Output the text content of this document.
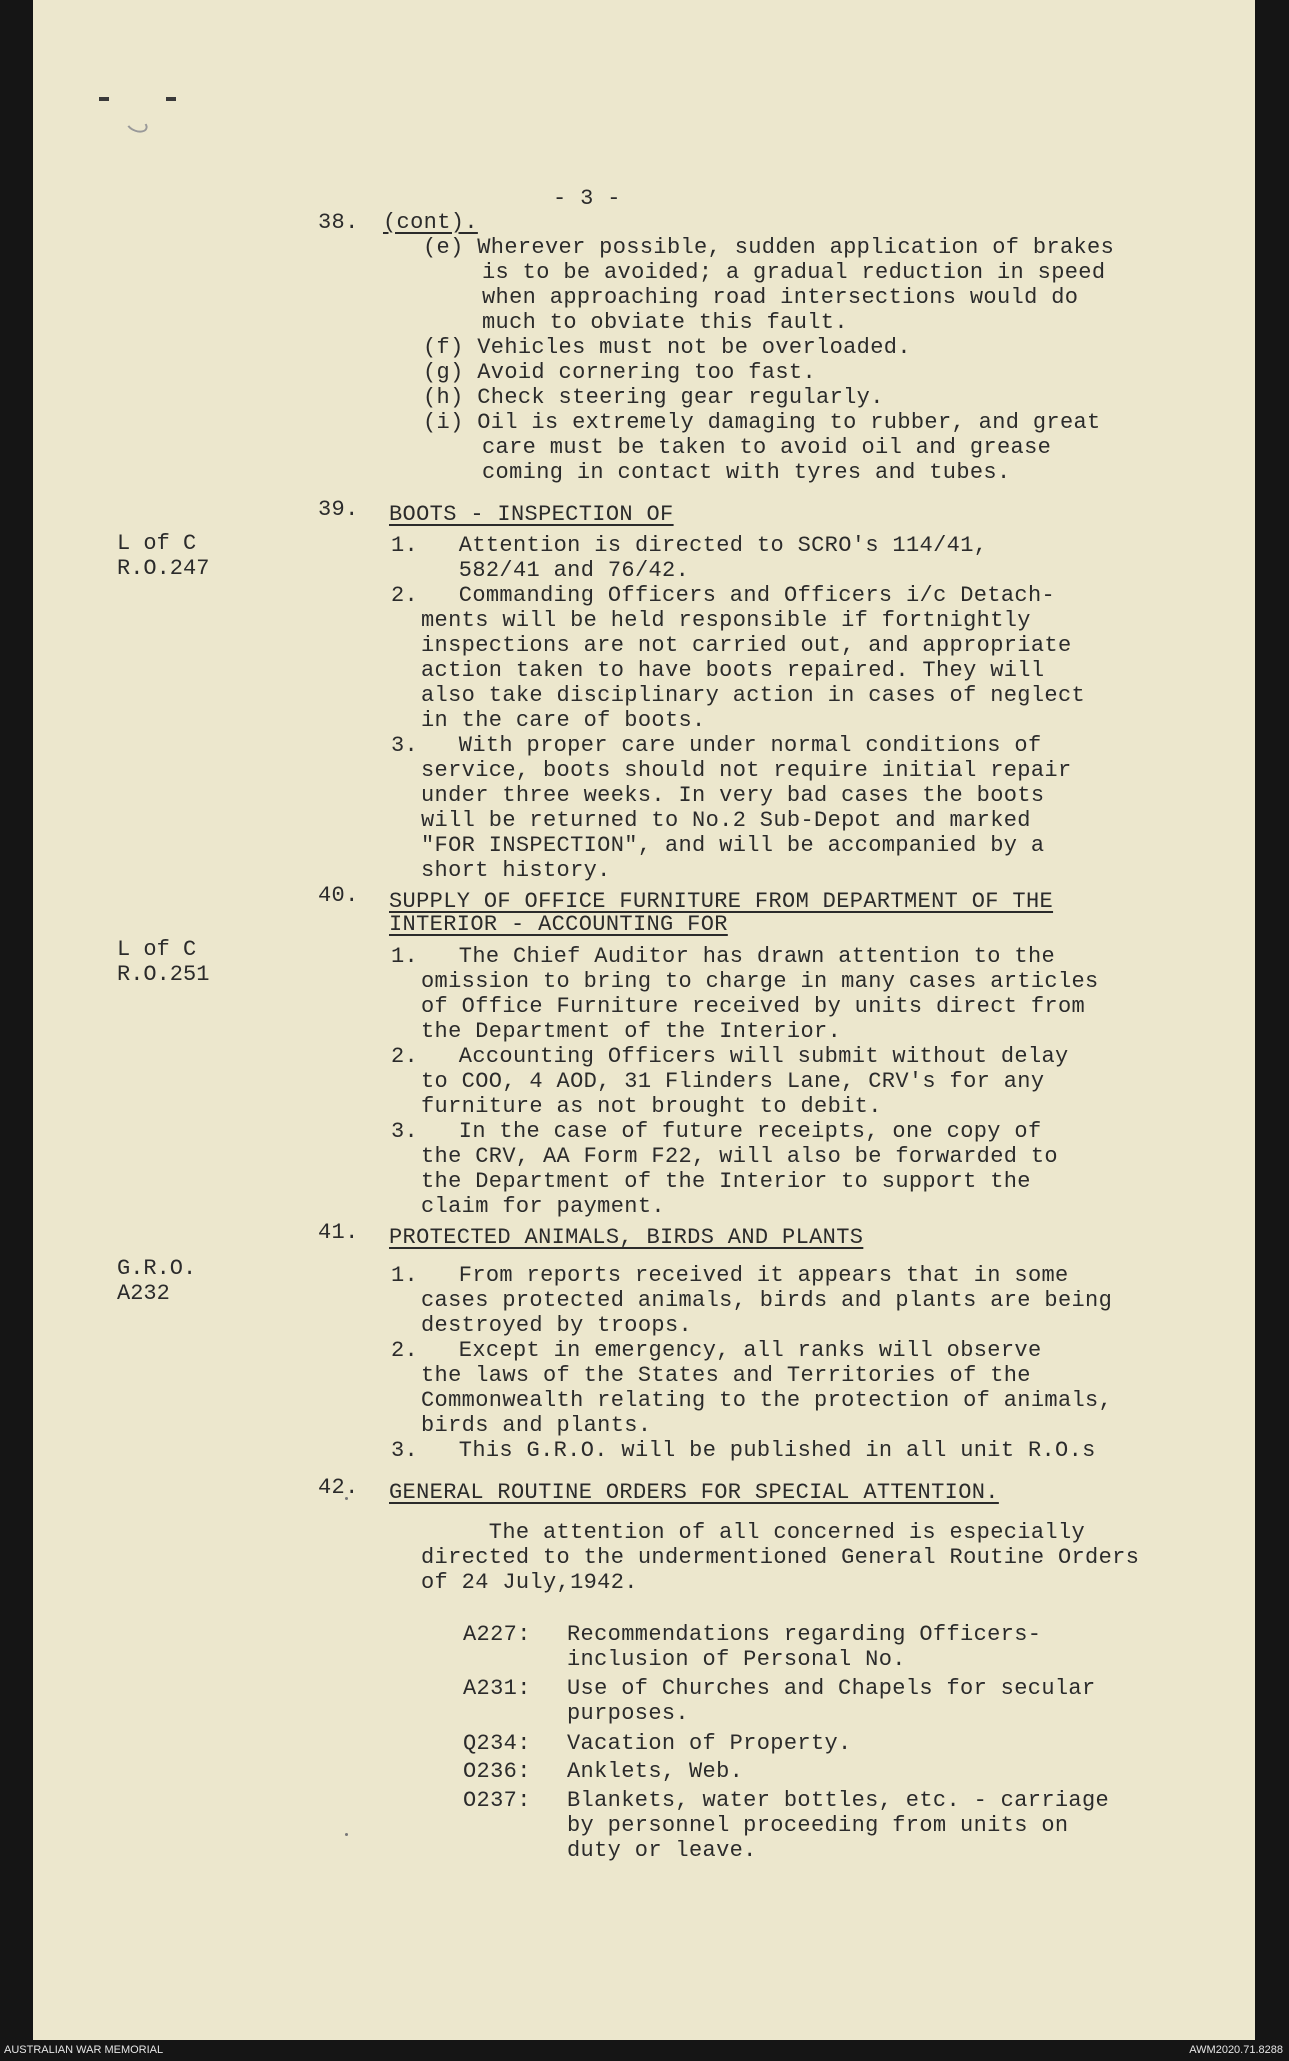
- 3 -
38. (cont).
(e) Wherever possible, sudden application of brakes
is to be avoided; a gradual reduction in speed
when approaching road intersections would do
much to obviate this fault.
(f) Vehicles must not be overloaded.
(g) Avoid cornering too fast.
(h) Check steering gear regularly.
(i) Oil is extremely damaging to rubber, and great
care must be taken to avoid oil and grease
coming in contact with tyres and tubes.
39. BOOTS - INSPECTION OF
L of C
R.O.247
1.   Attention is directed to SCRO's 114/41,
582/41 and 76/42.
2.   Commanding Officers and Officers i/c Detach-
ments will be held responsible if fortnightly
inspections are not carried out, and appropriate
action taken to have boots repaired. They will
also take disciplinary action in cases of neglect
in the care of boots.
3.   With proper care under normal conditions of
service, boots should not require initial repair
under three weeks. In very bad cases the boots
will be returned to No.2 Sub-Depot and marked
"FOR INSPECTION", and will be accompanied by a
short history.
40. SUPPLY OF OFFICE FURNITURE FROM DEPARTMENT OF THE
INTERIOR - ACCOUNTING FOR
L of C
R.O.251
1.   The Chief Auditor has drawn attention to the
omission to bring to charge in many cases articles
of Office Furniture received by units direct from
the Department of the Interior.
2.   Accounting Officers will submit without delay
to COO, 4 AOD, 31 Flinders Lane, CRV's for any
furniture as not brought to debit.
3.   In the case of future receipts, one copy of
the CRV, AA Form F22, will also be forwarded to
the Department of the Interior to support the
claim for payment.
41. PROTECTED ANIMALS, BIRDS AND PLANTS
G.R.O.
A232
1.   From reports received it appears that in some
cases protected animals, birds and plants are being
destroyed by troops.
2.   Except in emergency, all ranks will observe
the laws of the States and Territories of the
Commonwealth relating to the protection of animals,
birds and plants.
3.   This G.R.O. will be published in all unit R.O.s
42. GENERAL ROUTINE ORDERS FOR SPECIAL ATTENTION.
The attention of all concerned is especially
directed to the undermentioned General Routine Orders
of 24 July,1942.
A227: Recommendations regarding Officers-
inclusion of Personal No.
A231: Use of Churches and Chapels for secular
purposes.
Q234: Vacation of Property.
O236: Anklets, Web.
O237: Blankets, water bottles, etc. - carriage
by personnel proceeding from units on
duty or leave.
AUSTRALIAN WAR MEMORIAL	AWM2020.71.8288
